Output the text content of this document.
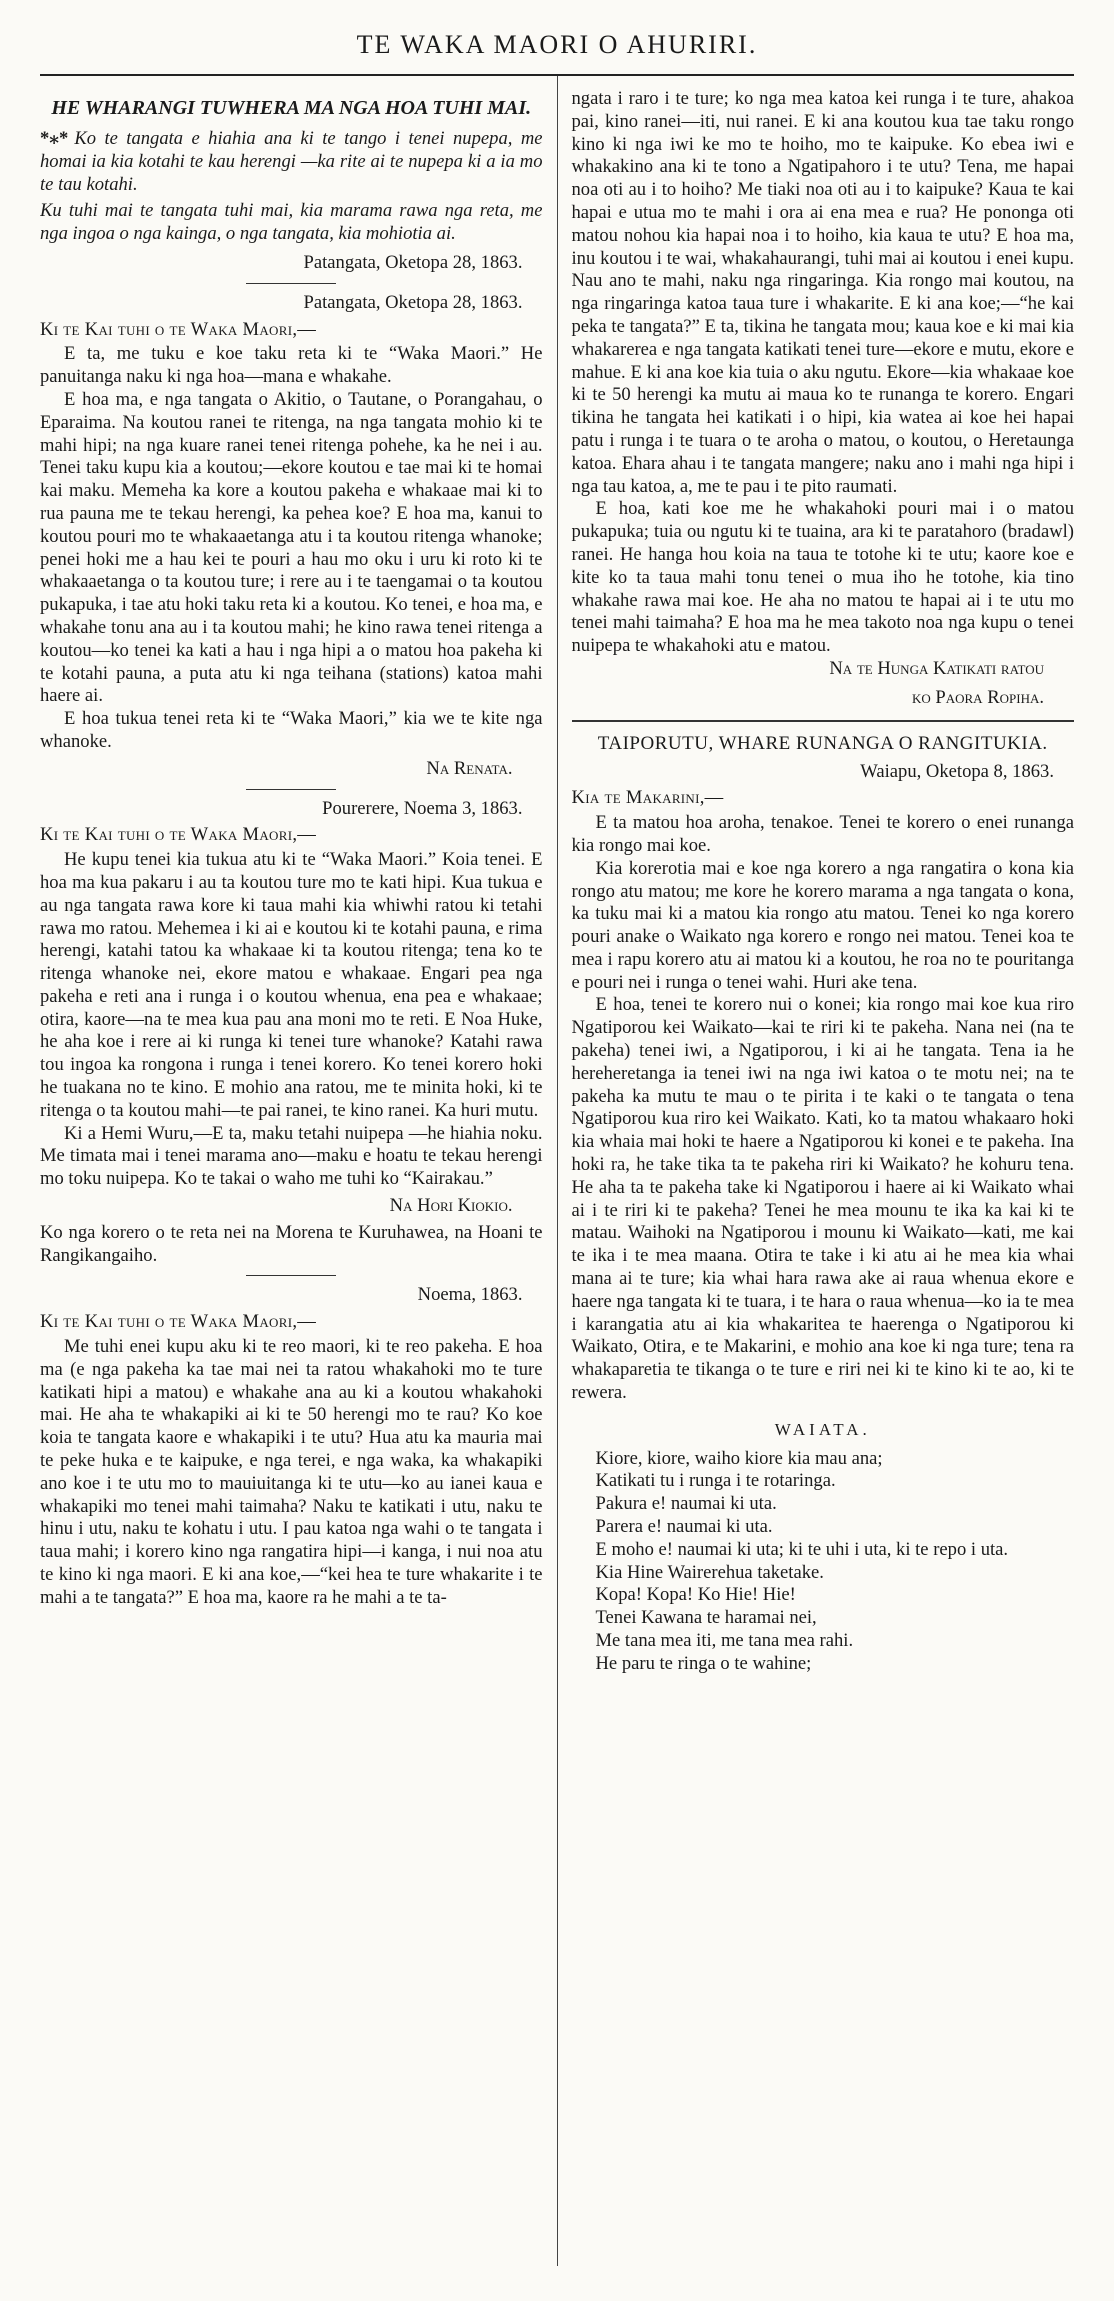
TE WAKA MAORI O AHURIRI.
HE WHARANGI TUWHERA MA NGA HOA TUHI MAI.

*⁎* Ko te tangata e hiahia ana ki te tango i tenei nupepa, me homai ia kia kotahi te kau herengi —ka rite ai te nupepa ki a ia mo te tau kotahi.

Ku tuhi mai te tangata tuhi mai, kia marama rawa nga reta, me nga ingoa o nga kainga, o nga tangata, kia mohiotia ai.

Patangata, Oketopa 28, 1863.
Patangata, Oketopa 28, 1863.
Ki te Kai tuhi o te Waka Maori,—

E ta, me tuku e koe taku reta ki te “Waka Maori.” He panuitanga naku ki nga hoa—mana e whakahe.

E hoa ma, e nga tangata o Akitio, o Tautane, o Porangahau, o Eparaima. Na koutou ranei te ritenga, na nga tangata mohio ki te mahi hipi; na nga kuare ranei tenei ritenga pohehe, ka he nei i au. Tenei taku kupu kia a koutou;—ekore koutou e tae mai ki te homai kai maku. Memeha ka kore a koutou pakeha e whakaae mai ki to rua pauna me te tekau herengi, ka pehea koe? E hoa ma, kanui to koutou pouri mo te whakaaetanga atu i ta koutou ritenga whanoke; penei hoki me a hau kei te pouri a hau mo oku i uru ki roto ki te whakaaetanga o ta koutou ture; i rere au i te taengamai o ta koutou pukapuka, i tae atu hoki taku reta ki a koutou. Ko tenei, e hoa ma, e whakahe tonu ana au i ta koutou mahi; he kino rawa tenei ritenga a koutou—ko tenei ka kati a hau i nga hipi a o matou hoa pakeha ki te kotahi pauna, a puta atu ki nga teihana (stations) katoa mahi haere ai.

E hoa tukua tenei reta ki te “Waka Maori,” kia we te kite nga whanoke.

Na Renata.
Pourerere, Noema 3, 1863.
Ki te Kai tuhi o te Waka Maori,—

He kupu tenei kia tukua atu ki te “Waka Maori.” Koia tenei. E hoa ma kua pakaru i au ta koutou ture mo te kati hipi. Kua tukua e au nga tangata rawa kore ki taua mahi kia whiwhi ratou ki tetahi rawa mo ratou. Mehemea i ki ai e koutou ki te kotahi pauna, e rima herengi, katahi tatou ka whakaae ki ta koutou ritenga; tena ko te ritenga whanoke nei, ekore matou e whakaae. Engari pea nga pakeha e reti ana i runga i o koutou whenua, ena pea e whakaae; otira, kaore—na te mea kua pau ana moni mo te reti. E Noa Huke, he aha koe i rere ai ki runga ki tenei ture whanoke? Katahi rawa tou ingoa ka rongona i runga i tenei korero. Ko tenei korero hoki he tuakana no te kino. E mohio ana ratou, me te minita hoki, ki te ritenga o ta koutou mahi—te pai ranei, te kino ranei. Ka huri mutu.

Ki a Hemi Wuru,—E ta, maku tetahi nuipepa —he hiahia noku. Me timata mai i tenei marama ano—maku e hoatu te tekau herengi mo toku nuipepa. Ko te takai o waho me tuhi ko “Kairakau.”

Na Hori Kiokio.

Ko nga korero o te reta nei na Morena te Kuruhawea, na Hoani te Rangikangaiho.

Noema, 1863.
Ki te Kai tuhi o te Waka Maori,—

Me tuhi enei kupu aku ki te reo maori, ki te reo pakeha. E hoa ma (e nga pakeha ka tae mai nei ta ratou whakahoki mo te ture katikati hipi a matou) e whakahe ana au ki a koutou whakahoki mai. He aha te whakapiki ai ki te 50 herengi mo te rau? Ko koe koia te tangata kaore e whakapiki i te utu? Hua atu ka mauria mai te peke huka e te kaipuke, e nga terei, e nga waka, ka whakapiki ano koe i te utu mo to mauiuitanga ki te utu—ko au ianei kaua e whakapiki mo tenei mahi taimaha? Naku te katikati i utu, naku te hinu i utu, naku te kohatu i utu. I pau katoa nga wahi o te tangata i taua mahi; i korero kino nga rangatira hipi—i kanga, i nui noa atu te kino ki nga maori. E ki ana koe,—“kei hea te ture whakarite i te mahi a te tangata?” E hoa ma, kaore ra he mahi a te ta-

ngata i raro i te ture; ko nga mea katoa kei runga i te ture, ahakoa pai, kino ranei—iti, nui ranei. E ki ana koutou kua tae taku rongo kino ki nga iwi ke mo te hoiho, mo te kaipuke. Ko ebea iwi e whakakino ana ki te tono a Ngatipahoro i te utu? Tena, me hapai noa oti au i to hoiho? Me tiaki noa oti au i to kaipuke? Kaua te kai hapai e utua mo te mahi i ora ai ena mea e rua? He pononga oti matou nohou kia hapai noa i to hoiho, kia kaua te utu? E hoa ma, inu koutou i te wai, whakahaurangi, tuhi mai ai koutou i enei kupu. Nau ano te mahi, naku nga ringaringa. Kia rongo mai koutou, na nga ringaringa katoa taua ture i whakarite. E ki ana koe;—“he kai peka te tangata?” E ta, tikina he tangata mou; kaua koe e ki mai kia whakarerea e nga tangata katikati tenei ture—ekore e mutu, ekore e mahue. E ki ana koe kia tuia o aku ngutu. Ekore—kia whakaae koe ki te 50 herengi ka mutu ai maua ko te runanga te korero. Engari tikina he tangata hei katikati i o hipi, kia watea ai koe hei hapai patu i runga i te tuara o te aroha o matou, o koutou, o Heretaunga katoa. Ehara ahau i te tangata mangere; naku ano i mahi nga hipi i nga tau katoa, a, me te pau i te pito raumati.

E hoa, kati koe me he whakahoki pouri mai i o matou pukapuka; tuia ou ngutu ki te tuaina, ara ki te paratahoro (bradawl) ranei. He hanga hou koia na taua te totohe ki te utu; kaore koe e kite ko ta taua mahi tonu tenei o mua iho he totohe, kia tino whakahe rawa mai koe. He aha no matou te hapai ai i te utu mo tenei mahi taimaha? E hoa ma he mea takoto noa nga kupu o tenei nuipepa te whakahoki atu e matou.

Na te Hunga Katikati ratou
ko Paora Ropiha.
TAIPORUTU, WHARE RUNANGA O RANGITUKIA.
Waiapu, Oketopa 8, 1863.
Kia te Makarini,—

E ta matou hoa aroha, tenakoe. Tenei te korero o enei runanga kia rongo mai koe.

Kia korerotia mai e koe nga korero a nga rangatira o kona kia rongo atu matou; me kore he korero marama a nga tangata o kona, ka tuku mai ki a matou kia rongo atu matou. Tenei ko nga korero pouri anake o Waikato nga korero e rongo nei matou. Tenei koa te mea i rapu korero atu ai matou ki a koutou, he roa no te pouritanga e pouri nei i runga o tenei wahi. Huri ake tena.

E hoa, tenei te korero nui o konei; kia rongo mai koe kua riro Ngatiporou kei Waikato—kai te riri ki te pakeha. Nana nei (na te pakeha) tenei iwi, a Ngatiporou, i ki ai he tangata. Tena ia he hereheretanga ia tenei iwi na nga iwi katoa o te motu nei; na te pakeha ka mutu te mau o te pirita i te kaki o te tangata o tena Ngatiporou kua riro kei Waikato. Kati, ko ta matou whakaaro hoki kia whaia mai hoki te haere a Ngatiporou ki konei e te pakeha. Ina hoki ra, he take tika ta te pakeha riri ki Waikato? he kohuru tena. He aha ta te pakeha take ki Ngatiporou i haere ai ki Waikato whai ai i te riri ki te pakeha? Tenei he mea mounu te ika ka kai ki te matau. Waihoki na Ngatiporou i mounu ki Waikato—kati, me kai te ika i te mea maana. Otira te take i ki atu ai he mea kia whai mana ai te ture; kia whai hara rawa ake ai raua whenua ekore e haere nga tangata ki te tuara, i te hara o raua whenua—ko ia te mea i karangatia atu ai kia whakaritea te haerenga o Ngatiporou ki Waikato, Otira, e te Makarini, e mohio ana koe ki nga ture; tena ra whakaparetia te tikanga o te ture e riri nei ki te kino ki te ao, ki te rewera.

WAIATA.
Kiore, kiore, waiho kiore kia mau ana;
Katikati tu i runga i te rotaringa.
Pakura e! naumai ki uta.
Parera e! naumai ki uta.
E moho e! naumai ki uta; ki te uhi i uta, ki te repo i uta.
Kia Hine Wairerehua taketake.
Kopa! Kopa! Ko Hie! Hie!
Tenei Kawana te haramai nei,
Me tana mea iti, me tana mea rahi.
He paru te ringa o te wahine;
